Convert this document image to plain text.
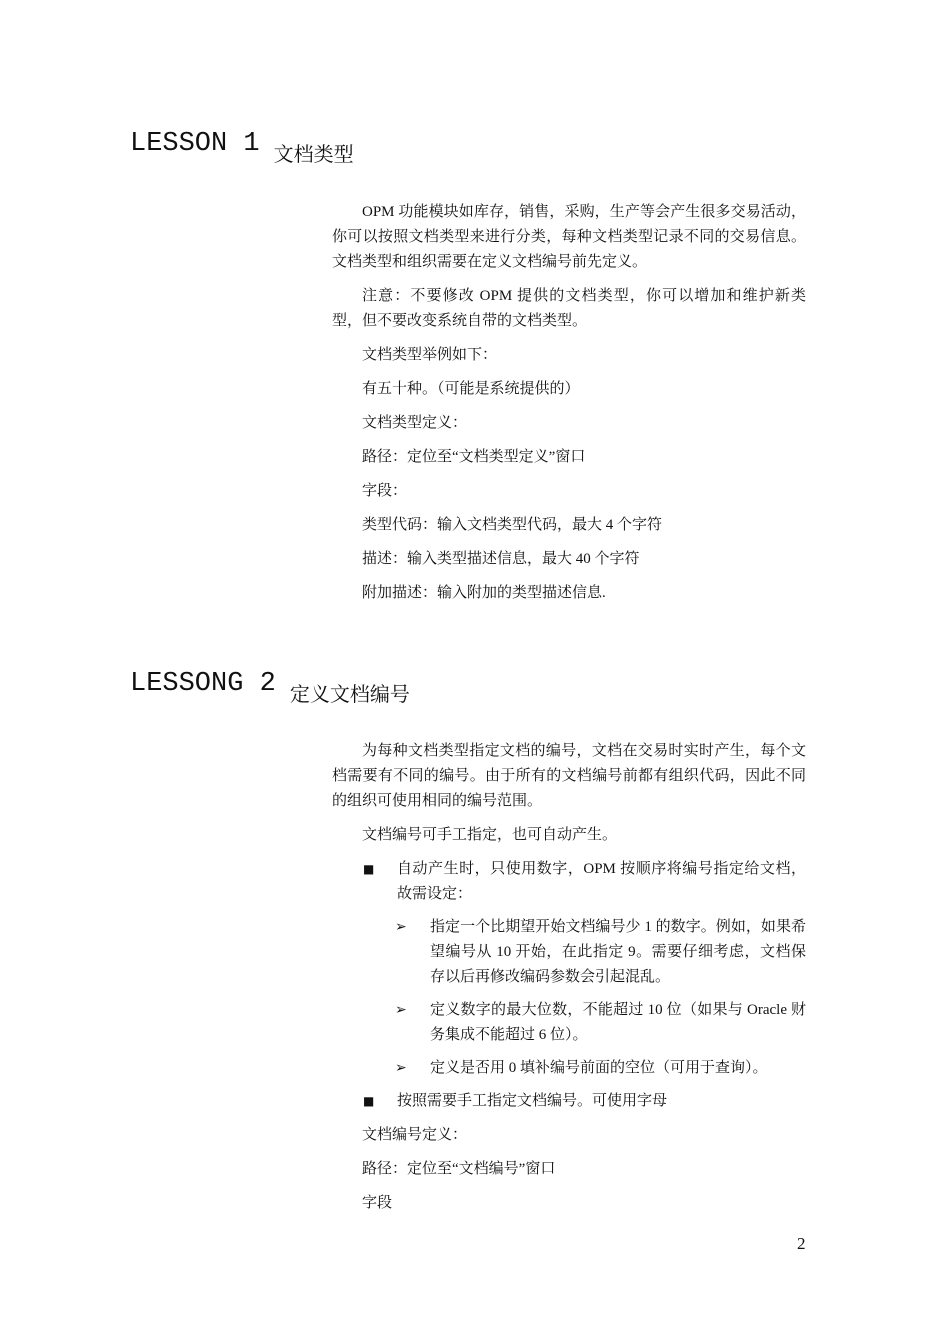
LESSON 1 文档类型

OPM 功能模块如库存，销售，采购，生产等会产生很多交易活动，你可以按照文档类型来进行分类，每种文档类型记录不同的交易信息。文档类型和组织需要在定义文档编号前先定义。

注意：不要修改 OPM 提供的文档类型，你可以增加和维护新类型，但不要改变系统自带的文档类型。

文档类型举例如下：

有五十种。（可能是系统提供的）

文档类型定义：

路径：定位至“文档类型定义”窗口

字段：

类型代码：输入文档类型代码，最大 4 个字符

描述：输入类型描述信息，最大 40 个字符

附加描述：输入附加的类型描述信息.

LESSONG 2 定义文档编号

为每种文档类型指定文档的编号，文档在交易时实时产生，每个文档需要有不同的编号。由于所有的文档编号前都有组织代码，因此不同的组织可使用相同的编号范围。

文档编号可手工指定，也可自动产生。

■ 自动产生时，只使用数字，OPM 按顺序将编号指定给文档，故需设定：
➢ 指定一个比期望开始文档编号少 1 的数字。例如，如果希望编号从 10 开始，在此指定 9。需要仔细考虑，文档保存以后再修改编码参数会引起混乱。
➢ 定义数字的最大位数，不能超过 10 位（如果与 Oracle 财务集成不能超过 6 位）。
➢ 定义是否用 0 填补编号前面的空位（可用于查询）。
■ 按照需要手工指定文档编号。可使用字母

文档编号定义：

路径：定位至“文档编号”窗口

字段

2
